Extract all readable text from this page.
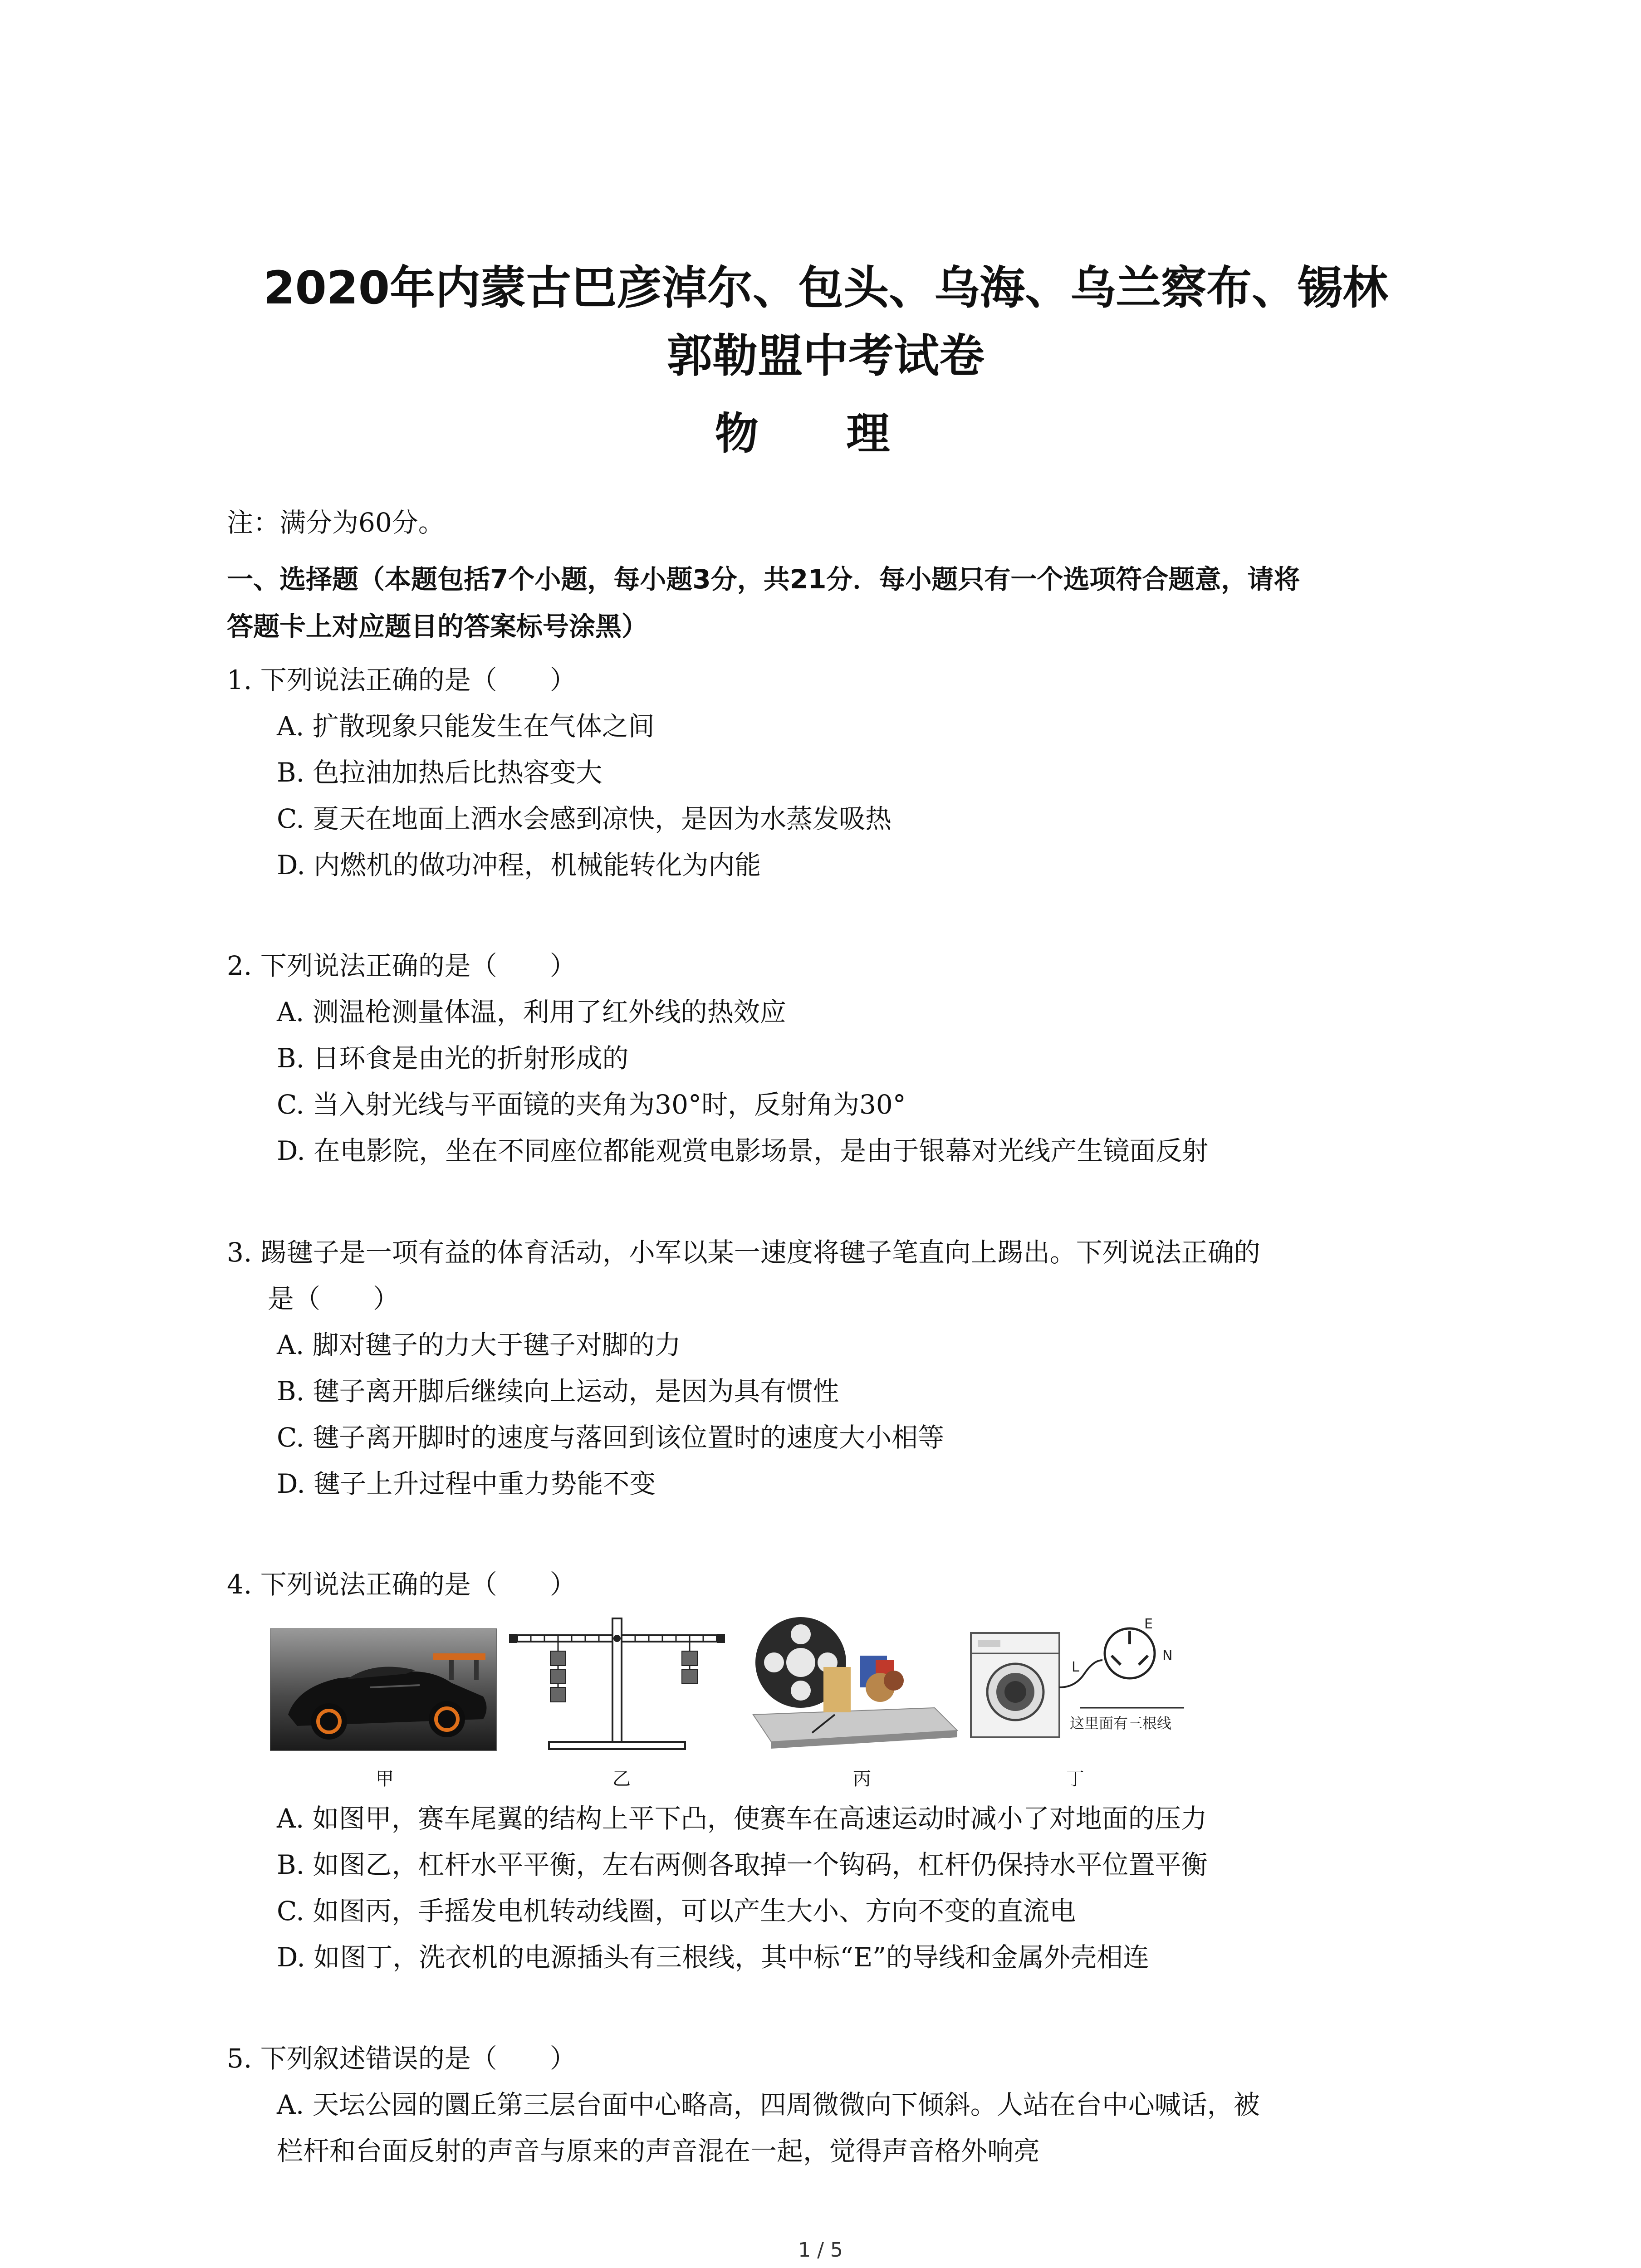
2020年内蒙古巴彦淖尔、包头、乌海、乌兰察布、锡林
郭勒盟中考试卷
物 理
注：满分为60分。
一、选择题（本题包括7个小题，每小题3分，共21分．每小题只有一个选项符合题意，请将
答题卡上对应题目的答案标号涂黑）

1. 下列说法正确的是（　　）

A. 扩散现象只能发生在气体之间

B. 色拉油加热后比热容变大

C. 夏天在地面上洒水会感到凉快，是因为水蒸发吸热

D. 内燃机的做功冲程，机械能转化为内能

2. 下列说法正确的是（　　）

A. 测温枪测量体温，利用了红外线的热效应

B. 日环食是由光的折射形成的

C. 当入射光线与平面镜的夹角为30°时，反射角为30°

D. 在电影院，坐在不同座位都能观赏电影场景，是由于银幕对光线产生镜面反射

3. 踢毽子是一项有益的体育活动，小军以某一速度将毽子笔直向上踢出。下列说法正确的

是（　　）

A. 脚对毽子的力大于毽子对脚的力

B. 毽子离开脚后继续向上运动，是因为具有惯性

C. 毽子离开脚时的速度与落回到该位置时的速度大小相等

D. 毽子上升过程中重力势能不变

4. 下列说法正确的是（　　）

E
N
L
这里面有三根线
甲	乙	丙	丁

A. 如图甲，赛车尾翼的结构上平下凸，使赛车在高速运动时减小了对地面的压力

B. 如图乙，杠杆水平平衡，左右两侧各取掉一个钩码，杠杆仍保持水平位置平衡

C. 如图丙，手摇发电机转动线圈，可以产生大小、方向不变的直流电

D. 如图丁，洗衣机的电源插头有三根线，其中标“E”的导线和金属外壳相连

5. 下列叙述错误的是（　　）

A. 天坛公园的圜丘第三层台面中心略高，四周微微向下倾斜。人站在台中心喊话，被

栏杆和台面反射的声音与原来的声音混在一起，觉得声音格外响亮

1 / 5
